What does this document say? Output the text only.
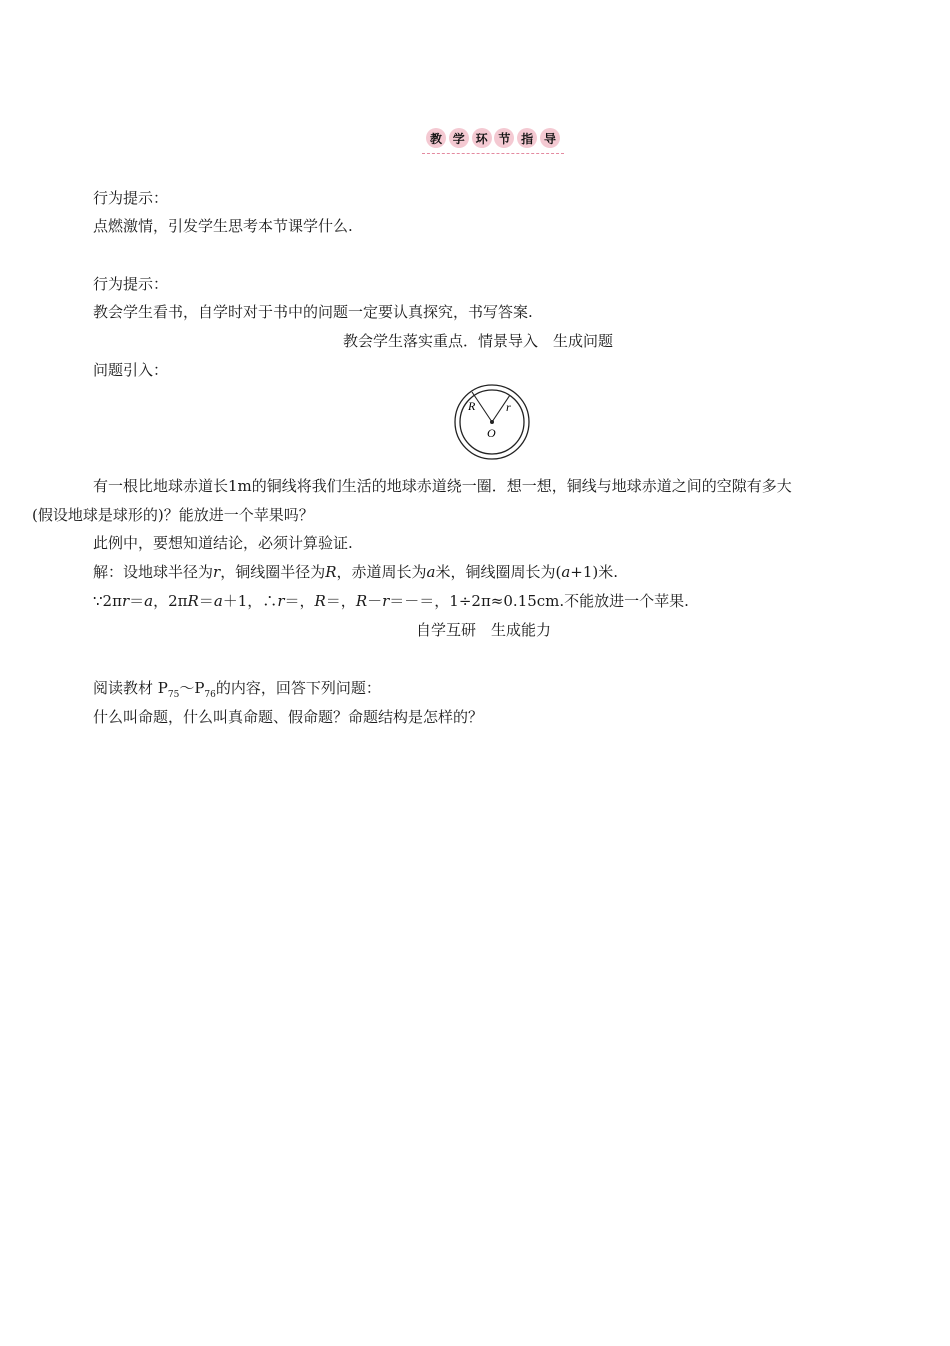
教 学 环 节 指 导
行为提示：
点燃激情，引发学生思考本节课学什么.
行为提示：
教会学生看书，自学时对于书中的问题一定要认真探究，书写答案.
教会学生落实重点．情景导入　生成问题
问题引入：
R	r
O
有一根比地球赤道长1m的铜线将我们生活的地球赤道绕一圈．想一想，铜线与地球赤道之间的空隙有多大
(假设地球是球形的)？能放进一个苹果吗？
此例中，要想知道结论，必须计算验证.
解：设地球半径为r，铜线圈半径为R，赤道周长为a米，铜线圈周长为(a+1)米.
∵2πr＝a，2πR＝a＋1，∴r＝，R＝，R－r＝－＝，1÷2π≈0.15cm.不能放进一个苹果.
自学互研　生成能力
阅读教材 $P_{75}\sim P_{76}$的内容，回答下列问题：
什么叫命题，什么叫真命题、假命题？命题结构是怎样的？
